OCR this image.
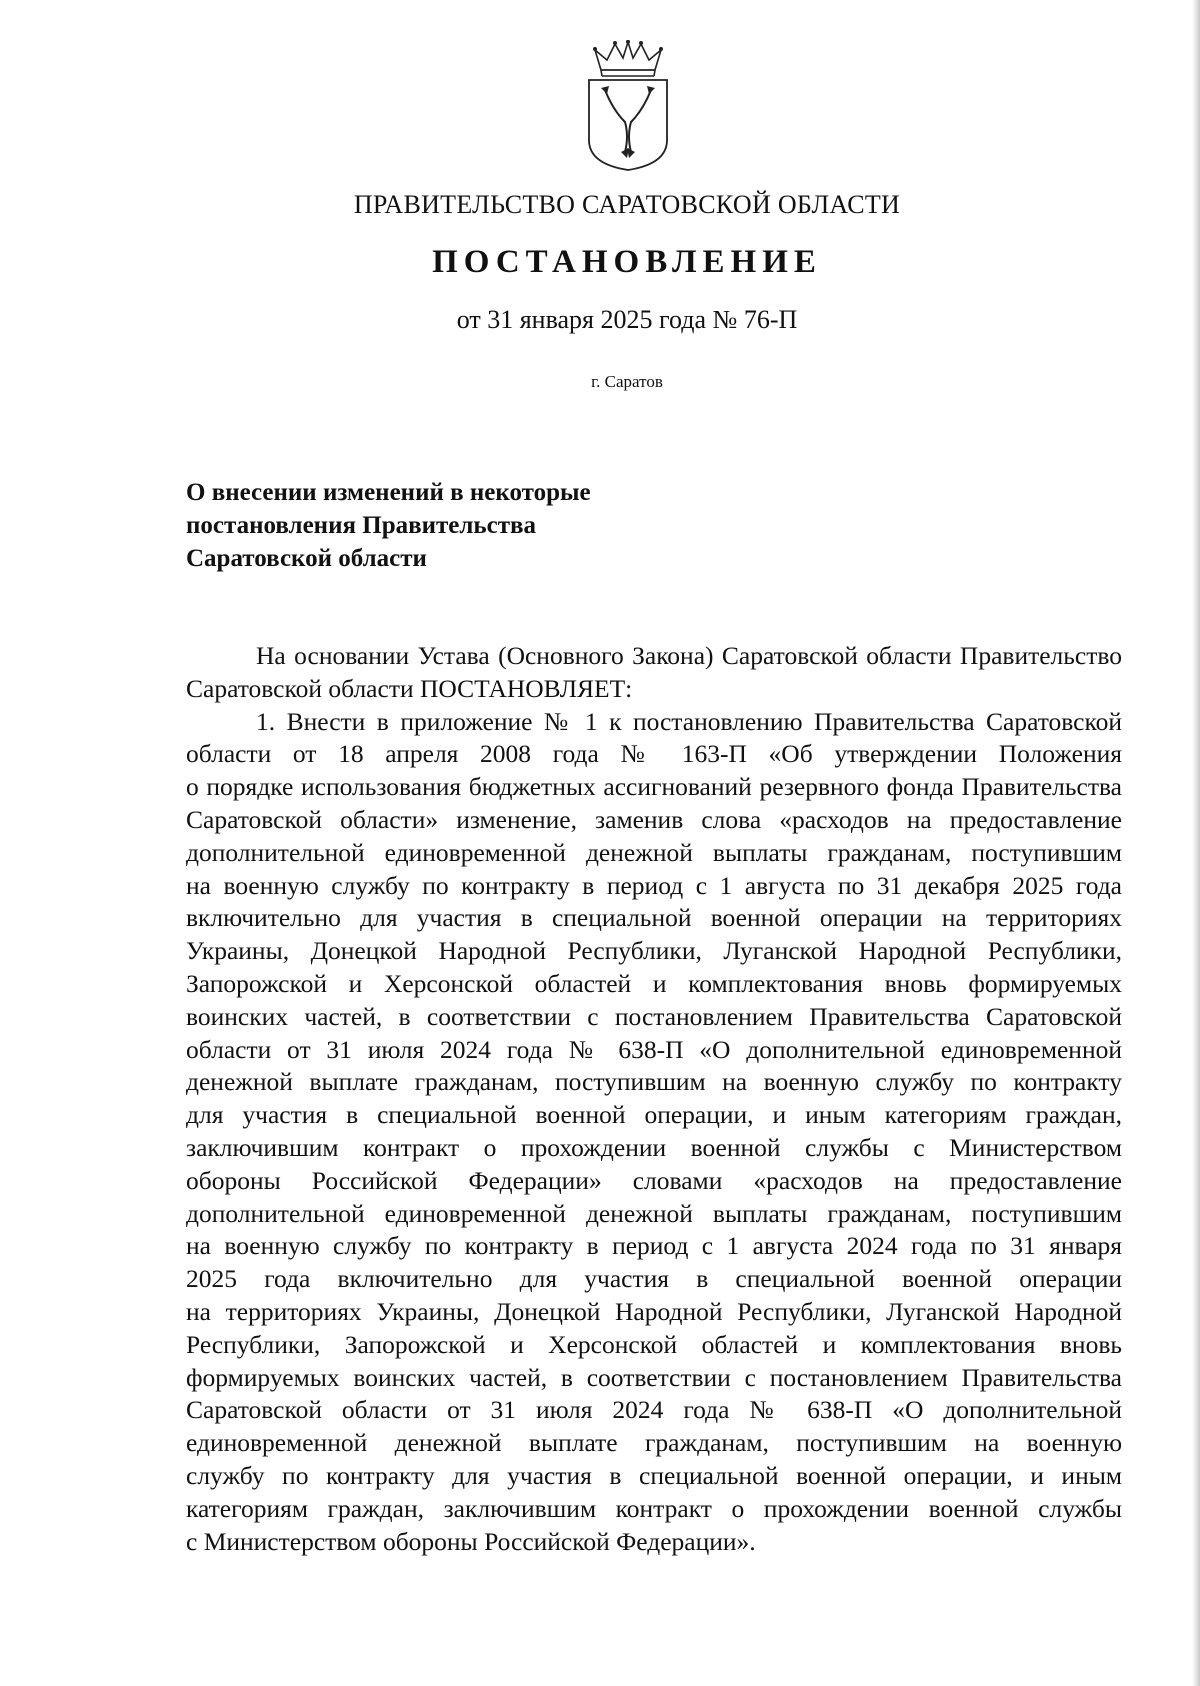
ПРАВИТЕЛЬСТВО САРАТОВСКОЙ ОБЛАСТИ
ПОСТАНОВЛЕНИЕ
от 31 января 2025 года № 76-П
г. Саратов
О внесении изменений в некоторые
постановления Правительства
Саратовской области
На основании Устава (Основного Закона) Саратовской области Правительство
Саратовской области ПОСТАНОВЛЯЕТ:
1. Внести в приложение № 1 к постановлению Правительства Саратовской
области от 18 апреля 2008 года № 163-П «Об утверждении Положения
о порядке использования бюджетных ассигнований резервного фонда Правительства
Саратовской области» изменение, заменив слова «расходов на предоставление
дополнительной единовременной денежной выплаты гражданам, поступившим
на военную службу по контракту в период с 1 августа по 31 декабря 2025 года
включительно для участия в специальной военной операции на территориях
Украины, Донецкой Народной Республики, Луганской Народной Республики,
Запорожской и Херсонской областей и комплектования вновь формируемых
воинских частей, в соответствии с постановлением Правительства Саратовской
области от 31 июля 2024 года № 638-П «О дополнительной единовременной
денежной выплате гражданам, поступившим на военную службу по контракту
для участия в специальной военной операции, и иным категориям граждан,
заключившим контракт о прохождении военной службы с Министерством
обороны Российской Федерации» словами «расходов на предоставление
дополнительной единовременной денежной выплаты гражданам, поступившим
на военную службу по контракту в период с 1 августа 2024 года по 31 января
2025 года включительно для участия в специальной военной операции
на территориях Украины, Донецкой Народной Республики, Луганской Народной
Республики, Запорожской и Херсонской областей и комплектования вновь
формируемых воинских частей, в соответствии с постановлением Правительства
Саратовской области от 31 июля 2024 года № 638-П «О дополнительной
единовременной денежной выплате гражданам, поступившим на военную
службу по контракту для участия в специальной военной операции, и иным
категориям граждан, заключившим контракт о прохождении военной службы
с Министерством обороны Российской Федерации».
